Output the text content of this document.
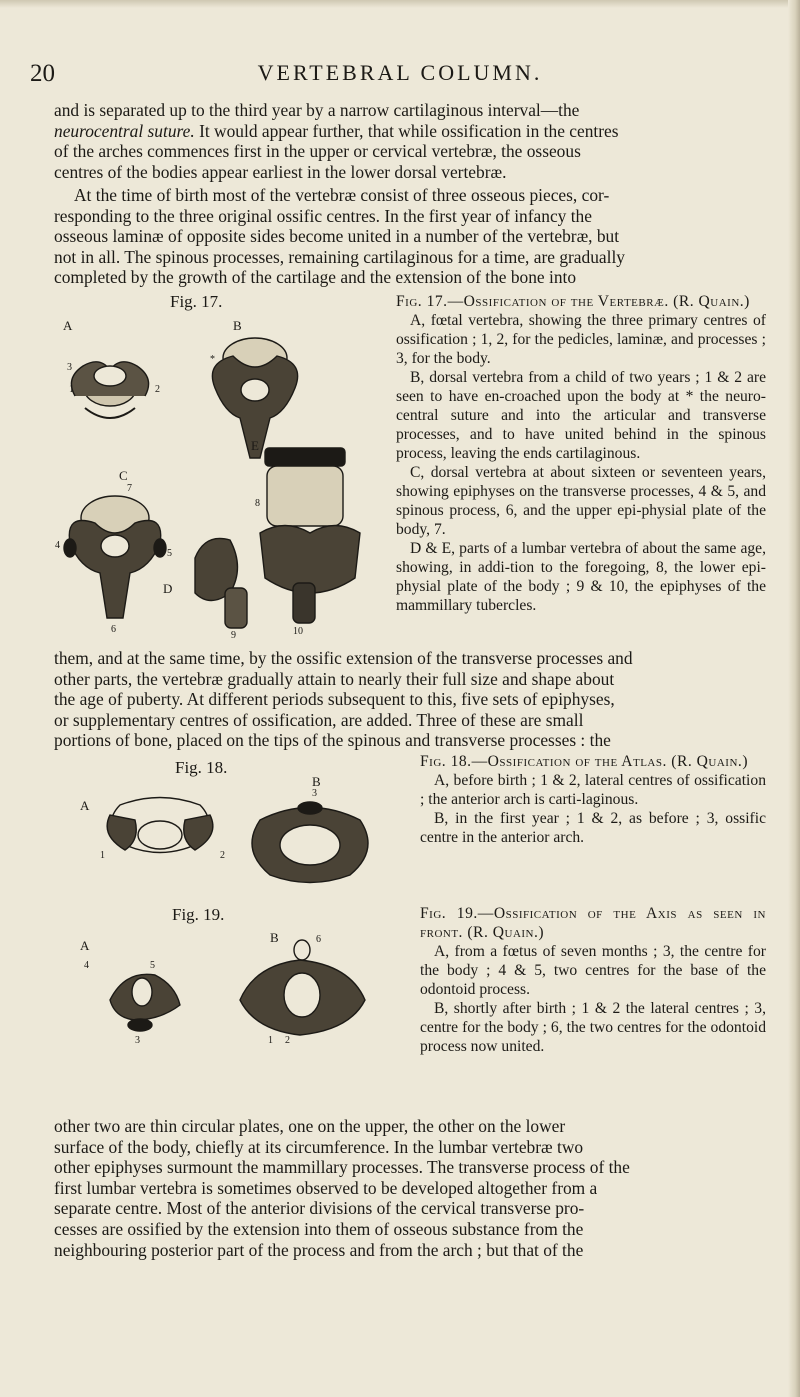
20	VERTEBRAL COLUMN.

and is separated up to the third year by a narrow cartilaginous interval—the

neurocentral suture. It would appear further, that while ossification in the centres

of the arches commences first in the upper or cervical vertebræ, the osseous

centres of the bodies appear earliest in the lower dorsal vertebræ.

At the time of birth most of the vertebræ consist of three osseous pieces, cor-

responding to the three original ossific centres. In the first year of infancy the

osseous laminæ of opposite sides become united in a number of the vertebræ, but

not in all. The spinous processes, remaining cartilaginous for a time, are gradually

completed by the growth of the cartilage and the extension of the bone into

Fig. 17.
A	B
C
D
E
3
1	2
*
4
5
6
7
8
9	10

Fig. 17.—Ossification of the Vertebræ. (R. Quain.)

A, fœtal vertebra, showing the three primary centres of ossification ; 1, 2, for the pedicles, laminæ, and processes ; 3, for the body.

B, dorsal vertebra from a child of two years ; 1 & 2 are seen to have en-croached upon the body at * the neuro-central suture and into the articular and transverse processes, and to have united behind in the spinous process, leaving the ends cartilaginous.

C, dorsal vertebra at about sixteen or seventeen years, showing epiphyses on the transverse processes, 4 & 5, and spinous process, 6, and the upper epi-physial plate of the body, 7.

D & E, parts of a lumbar vertebra of about the same age, showing, in addi-tion to the foregoing, 8, the lower epi-physial plate of the body ; 9 & 10, the epiphyses of the mammillary tubercles.

them, and at the same time, by the ossific extension of the transverse processes and

other parts, the vertebræ gradually attain to nearly their full size and shape about

the age of puberty. At different periods subsequent to this, five sets of epiphyses,

or supplementary centres of ossification, are added. Three of these are small

portions of bone, placed on the tips of the spinous and transverse processes : the

Fig. 18.
A
B
1	2
3

Fig. 18.—Ossification of the Atlas. (R. Quain.)

A, before birth ; 1 & 2, lateral centres of ossification ; the anterior arch is carti-laginous.

B, in the first year ; 1 & 2, as before ; 3, ossific centre in the anterior arch.

Fig. 19.
A
B
4	5
3
6
1 2

Fig. 19.—Ossification of the Axis as seen in front. (R. Quain.)

A, from a fœtus of seven months ; 3, the centre for the body ; 4 & 5, two centres for the base of the odontoid process.

B, shortly after birth ; 1 & 2 the lateral centres ; 3, centre for the body ; 6, the two centres for the odontoid process now united.

other two are thin circular plates, one on the upper, the other on the lower

surface of the body, chiefly at its circumference. In the lumbar vertebræ two

other epiphyses surmount the mammillary processes. The transverse process of the

first lumbar vertebra is sometimes observed to be developed altogether from a

separate centre. Most of the anterior divisions of the cervical transverse pro-

cesses are ossified by the extension into them of osseous substance from the

neighbouring posterior part of the process and from the arch ; but that of the
